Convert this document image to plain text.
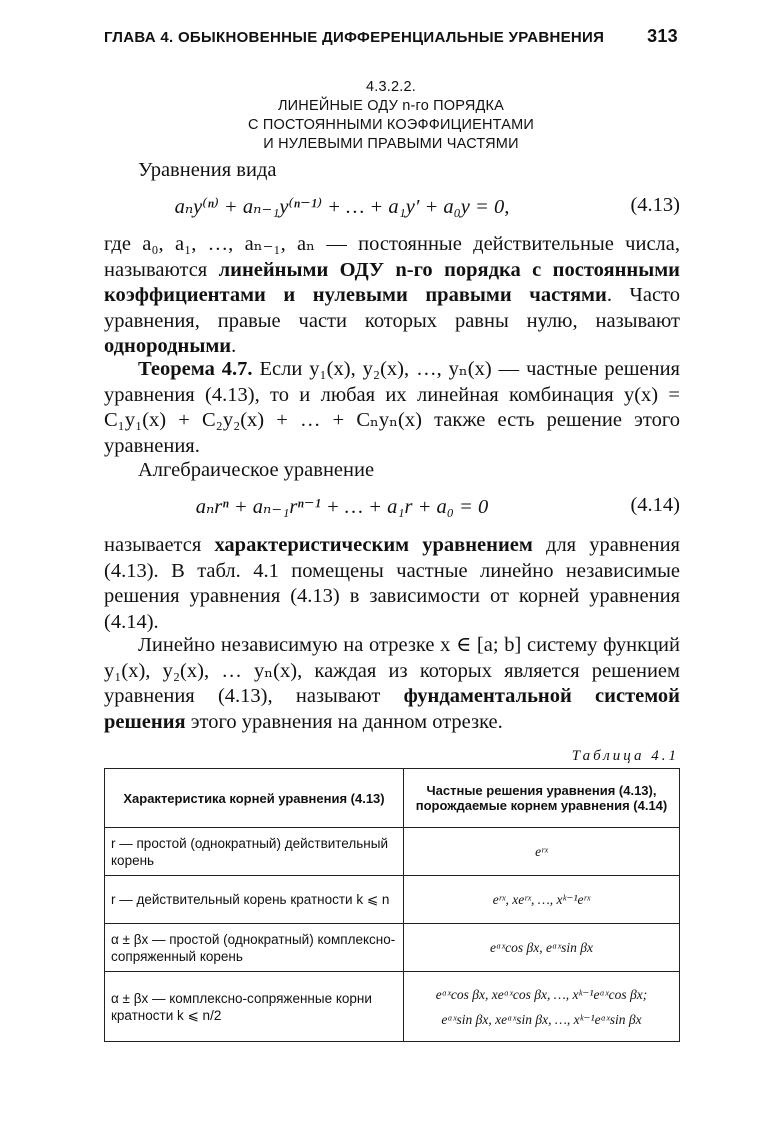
ГЛАВА 4. ОБЫКНОВЕННЫЕ ДИФФЕРЕНЦИАЛЬНЫЕ УРАВНЕНИЯ 313
4.3.2.2.
ЛИНЕЙНЫЕ ОДУ n-го ПОРЯДКА
С ПОСТОЯННЫМИ КОЭФФИЦИЕНТАМИ
И НУЛЕВЫМИ ПРАВЫМИ ЧАСТЯМИ
Уравнения вида
aₙy⁽ⁿ⁾ + aₙ₋₁y⁽ⁿ⁻¹⁾ + … + a₁y′ + a₀y = 0,	(4.13)
где a₀, a₁, …, aₙ₋₁, aₙ — постоянные действительные числа, называются линейными ОДУ n-го порядка с постоянными коэффициентами и нулевыми правыми частями. Часто уравнения, правые части которых равны нулю, называют однородными.
Теорема 4.7. Если y₁(x), y₂(x), …, yₙ(x) — частные решения уравнения (4.13), то и любая их линейная комбинация y(x) = C₁y₁(x) + C₂y₂(x) + … + Cₙyₙ(x) также есть решение этого уравнения.
Алгебраическое уравнение
aₙrⁿ + aₙ₋₁rⁿ⁻¹ + … + a₁r + a₀ = 0	(4.14)
называется характеристическим уравнением для уравнения (4.13). В табл. 4.1 помещены частные линейно независимые решения уравнения (4.13) в зависимости от корней уравнения (4.14).
Линейно независимую на отрезке x ∈ [a; b] систему функций y₁(x), y₂(x), … yₙ(x), каждая из которых является решением уравнения (4.13), называют фундаментальной системой решения этого уравнения на данном отрезке.
Таблица 4.1
Характеристика корней уравнения (4.13)	Частные решения уравнения (4.13), порождаемые корнем уравнения (4.14)
r — простой (однократный) действительный корень	eʳˣ
r — действительный корень кратности k ⩽ n	eʳˣ, xeʳˣ, …, xᵏ⁻¹eʳˣ
α ± βx — простой (однократный) комплексно-сопряженный корень	eᵅˣcos βx, eᵅˣsin βx
α ± βx — комплексно-сопряженные корни кратности k ⩽ n/2	eᵅˣcos βx, xeᵅˣcos βx, …, xᵏ⁻¹eᵅˣcos βx;
eᵅˣsin βx, xeᵅˣsin βx, …, xᵏ⁻¹eᵅˣsin βx
